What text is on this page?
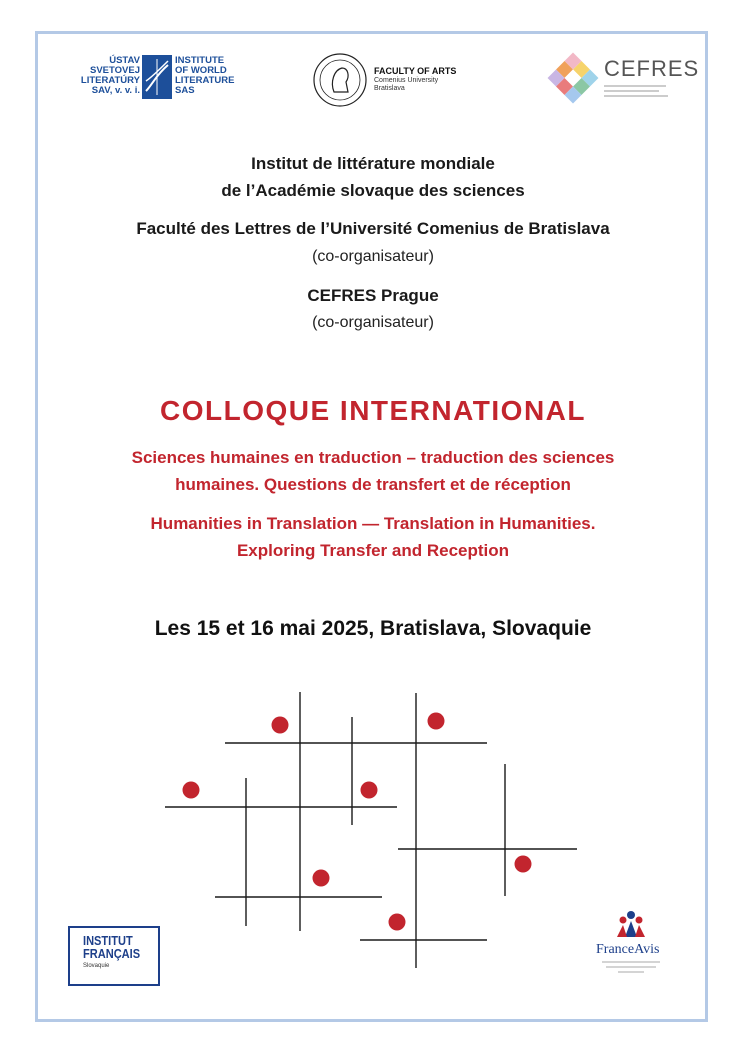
ÚSTAV
SVETOVEJ
LITERATÚRY
SAV, v. v. i.
INSTITUTE
OF WORLD
LITERATURE
SAS
FACULTY OF ARTS
Comenius University
Bratislava
CEFRES
Institut de littérature mondiale
de l’Académie slovaque des sciences
Faculté des Lettres de l’Université Comenius de Bratislava
(co-organisateur)
CEFRES Prague
(co-organisateur)
COLLOQUE INTERNATIONAL
Sciences humaines en traduction – traduction des sciences
humaines. Questions de transfert et de réception
Humanities in Translation — Translation in Humanities.
Exploring Transfer and Reception
Les 15 et 16 mai 2025, Bratislava, Slovaquie
INSTITUT
FRANÇAIS
Slovaquie
FranceAvis
